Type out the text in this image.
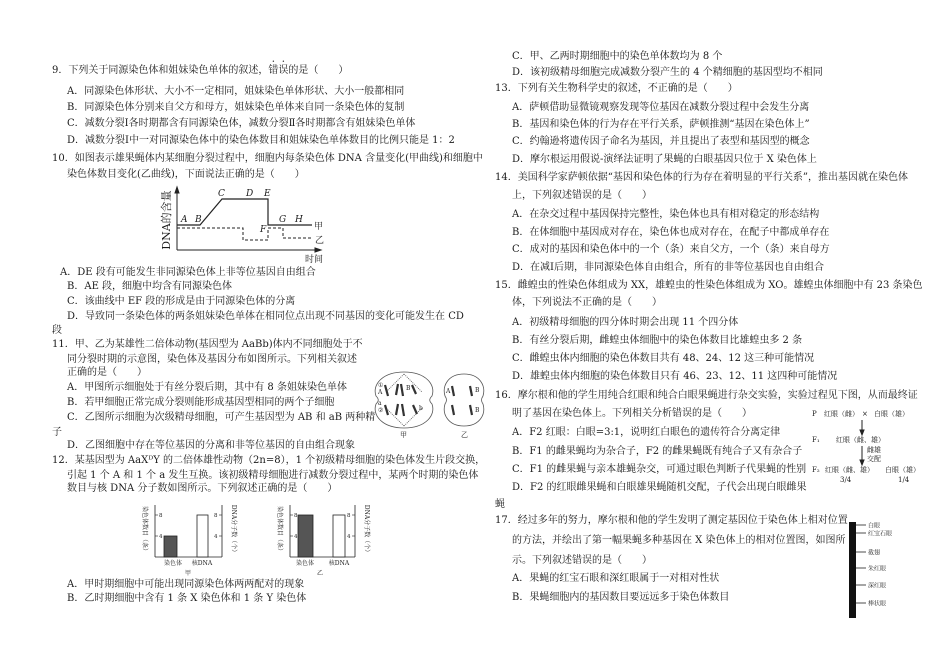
9．下列关于同源染色体和姐妹染色单体的叙述，错误的是（　　）
DNA的含量
时间
A B
C D E
F
G H
甲
乙
①
A
a
②
B
b
A	B
B
甲	乙
4	4
8	8
染色体 核DNA
染色体数目（条）	DNA分子数（个）
甲
4	4
8	8
染色体 核DNA
染色体数目（条）	DNA分子数（个）
乙
白眼
红宝石眼
截翅
朱红眼
深红眼
棒状眼
A．同源染色体形状、大小不一定相同，姐妹染色单体形状、大小一般都相同
B．同源染色体分别来自父方和母方，姐妹染色单体来自同一条染色体的复制
C．减数分裂Ⅰ各时期都含有同源染色体，减数分裂Ⅱ各时期都含有姐妹染色单体
D．减数分裂Ⅰ中一对同源染色体中的染色体数目和姐妹染色单体数目的比例只能是 1：2
10．如图表示雄果蝇体内某细胞分裂过程中，细胞内每条染色体 DNA 含量变化(甲曲线)和细胞中
染色体数目变化(乙曲线)，下面说法正确的是（　　）
A．DE 段有可能发生非同源染色体上非等位基因自由组合
B．AE 段，细胞中均含有同源染色体
C．该曲线中 EF 段的形成是由于同源染色体的分离
D．导致同一条染色体的两条姐妹染色单体在相同位点出现不同基因的变化可能发生在 CD
段
11．甲、乙为某雄性二倍体动物(基因型为 AaBb)体内不同细胞处于不
同分裂时期的示意图，染色体及基因分布如图所示。下列相关叙述
正确的是（　　）
A．甲图所示细胞处于有丝分裂后期，其中有 8 条姐妹染色单体
B．若甲细胞正常完成分裂则能形成基因型相同的两个子细胞
C．乙图所示细胞为次级精母细胞，可产生基因型为 AB 和 aB 两种精
子
D．乙图细胞中存在等位基因的分离和非等位基因的自由组合现象
12．某基因型为 AaXᴰY 的二倍体雄性动物（2n=8），1 个初级精母细胞的染色体发生片段交换，
引起 1 个 A 和 1 个 a 发生互换。该初级精母细胞进行减数分裂过程中，某两个时期的染色体
数目与核 DNA 分子数如图所示。下列叙述正确的是（　　）
A．甲时期细胞中可能出现同源染色体两两配对的现象
B．乙时期细胞中含有 1 条 X 染色体和 1 条 Y 染色体
C．甲、乙两时期细胞中的染色单体数均为 8 个
D．该初级精母细胞完成减数分裂产生的 4 个精细胞的基因型均不相同
13．下列有关生物科学史的叙述，不正确的是（　　）
A．萨顿借助显微镜观察发现等位基因在减数分裂过程中会发生分离
B．基因和染色体的行为存在平行关系，萨顿推测“基因在染色体上”
C．约翰逊将遗传因子命名为基因，并且提出了表型和基因型的概念
D．摩尔根运用假说-演绎法证明了果蝇的白眼基因只位于 X 染色体上
14．美国科学家萨顿依据“基因和染色体的行为存在着明显的平行关系”，推出基因就在染色体
上，下列叙述错误的是（　　）
A．在杂交过程中基因保持完整性，染色体也具有相对稳定的形态结构
B．在体细胞中基因成对存在，染色体也成对存在，在配子中都成单存在
C．成对的基因和染色体中的一个（条）来自父方，一个（条）来自母方
D．在减Ⅰ后期，非同源染色体自由组合，所有的非等位基因也自由组合
15．雌蝗虫的性染色体组成为 XX，雄蝗虫的性染色体组成为 XO。雄蝗虫体细胞中有 23 条染色
体，下列说法不正确的是（　　）
A．初级精母细胞的四分体时期会出现 11 个四分体
B．有丝分裂后期，雌蝗虫体细胞中的染色体数目比雄蝗虫多 2 条
C．雌蝗虫体内细胞的染色体数目共有 48、24、12 这三种可能情况
D．雄蝗虫体内细胞的染色体数目只有 46、23、12、11 这四种可能情况
16．摩尔根和他的学生用纯合红眼和纯合白眼果蝇进行杂交实验，实验过程见下图，从而最终证
明了基因在染色体上。下列相关分析错误的是（　　）
A．F2 红眼：白眼=3:1，说明红白眼色的遗传符合分离定律
B．F1 的雌果蝇均为杂合子，F2 的雌果蝇既有纯合子又有杂合子
C．F1 的雌果蝇与亲本雄蝇杂交，可通过眼色判断子代果蝇的性别
D．F2 的红眼雌果蝇和白眼雄果蝇随机交配，子代会出现白眼雌果
蝇
17．经过多年的努力，摩尔根和他的学生发明了测定基因位于染色体上相对位置
的方法，并绘出了第一幅果蝇多种基因在 X 染色体上的相对位置图，如图所
示。下列叙述错误的是（　　）
A．果蝇的红宝石眼和深红眼属于一对相对性状
B．果蝇细胞内的基因数目要远远多于染色体数目
P 红眼（雌） × 白眼（雄）
F₁ 红眼（雌、雄）
雌雄
交配
F₂ 红眼（雌、雄） 白眼（雄）
3/4	1/4
